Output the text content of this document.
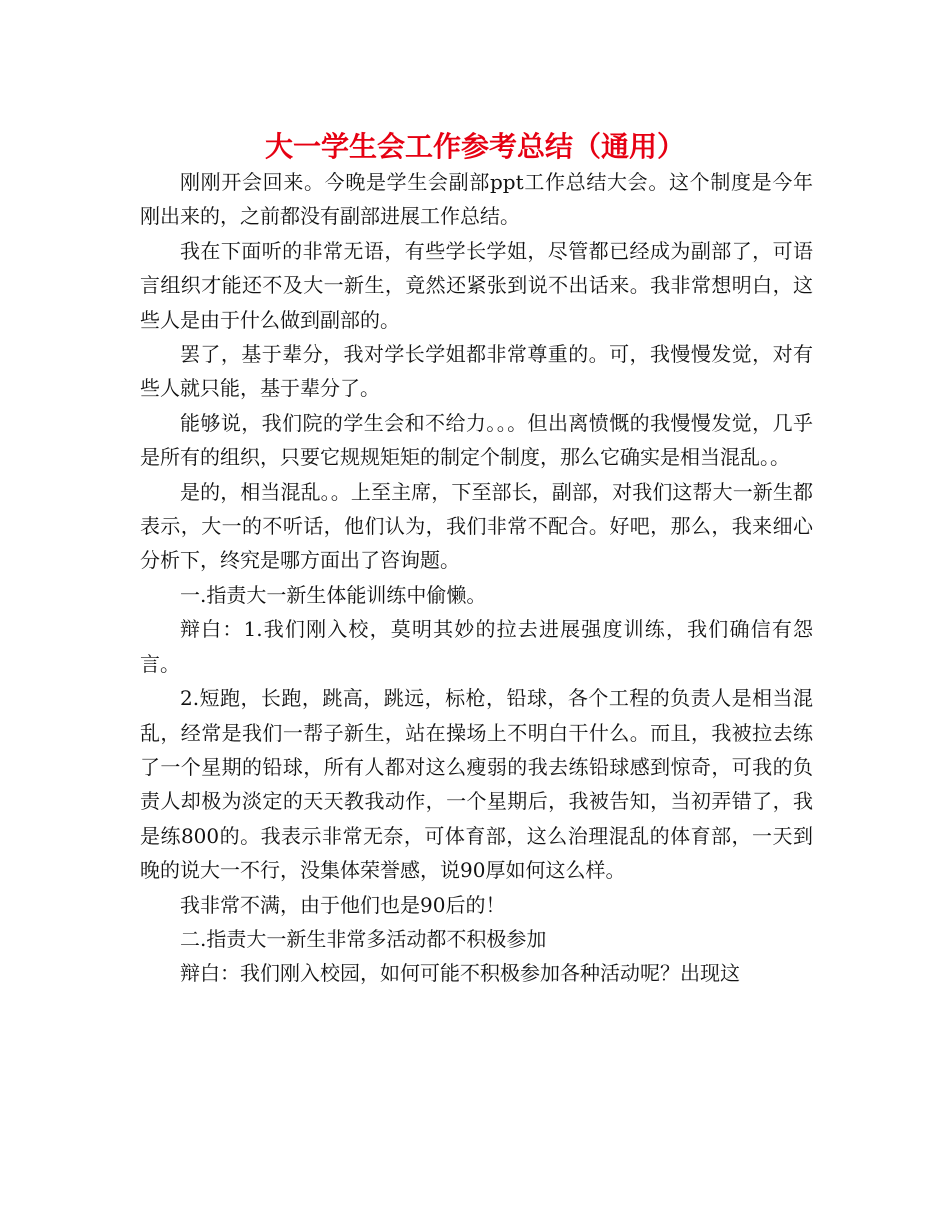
大一学生会工作参考总结（通用）

刚刚开会回来。今晚是学生会副部ppt工作总结大会。这个制度是今年刚出来的，之前都没有副部进展工作总结。

我在下面听的非常无语，有些学长学姐，尽管都已经成为副部了，可语言组织才能还不及大一新生，竟然还紧张到说不出话来。我非常想明白，这些人是由于什么做到副部的。

罢了，基于辈分，我对学长学姐都非常尊重的。可，我慢慢发觉，对有些人就只能，基于辈分了。

能够说，我们院的学生会和不给力。。。但出离愤慨的我慢慢发觉，几乎是所有的组织，只要它规规矩矩的制定个制度，那么它确实是相当混乱。。

是的，相当混乱。。上至主席，下至部长，副部，对我们这帮大一新生都表示，大一的不听话，他们认为，我们非常不配合。好吧，那么，我来细心分析下，终究是哪方面出了咨询题。

一.指责大一新生体能训练中偷懒。

辩白：1.我们刚入校，莫明其妙的拉去进展强度训练，我们确信有怨言。

2.短跑，长跑，跳高，跳远，标枪，铅球，各个工程的负责人是相当混乱，经常是我们一帮子新生，站在操场上不明白干什么。而且，我被拉去练了一个星期的铅球，所有人都对这么瘦弱的我去练铅球感到惊奇，可我的负责人却极为淡定的天天教我动作，一个星期后，我被告知，当初弄错了，我是练800的。我表示非常无奈，可体育部，这么治理混乱的体育部，一天到晚的说大一不行，没集体荣誉感，说90厚如何这么样。

我非常不满，由于他们也是90后的！

二.指责大一新生非常多活动都不积极参加

辩白：我们刚入校园，如何可能不积极参加各种活动呢？出现这
